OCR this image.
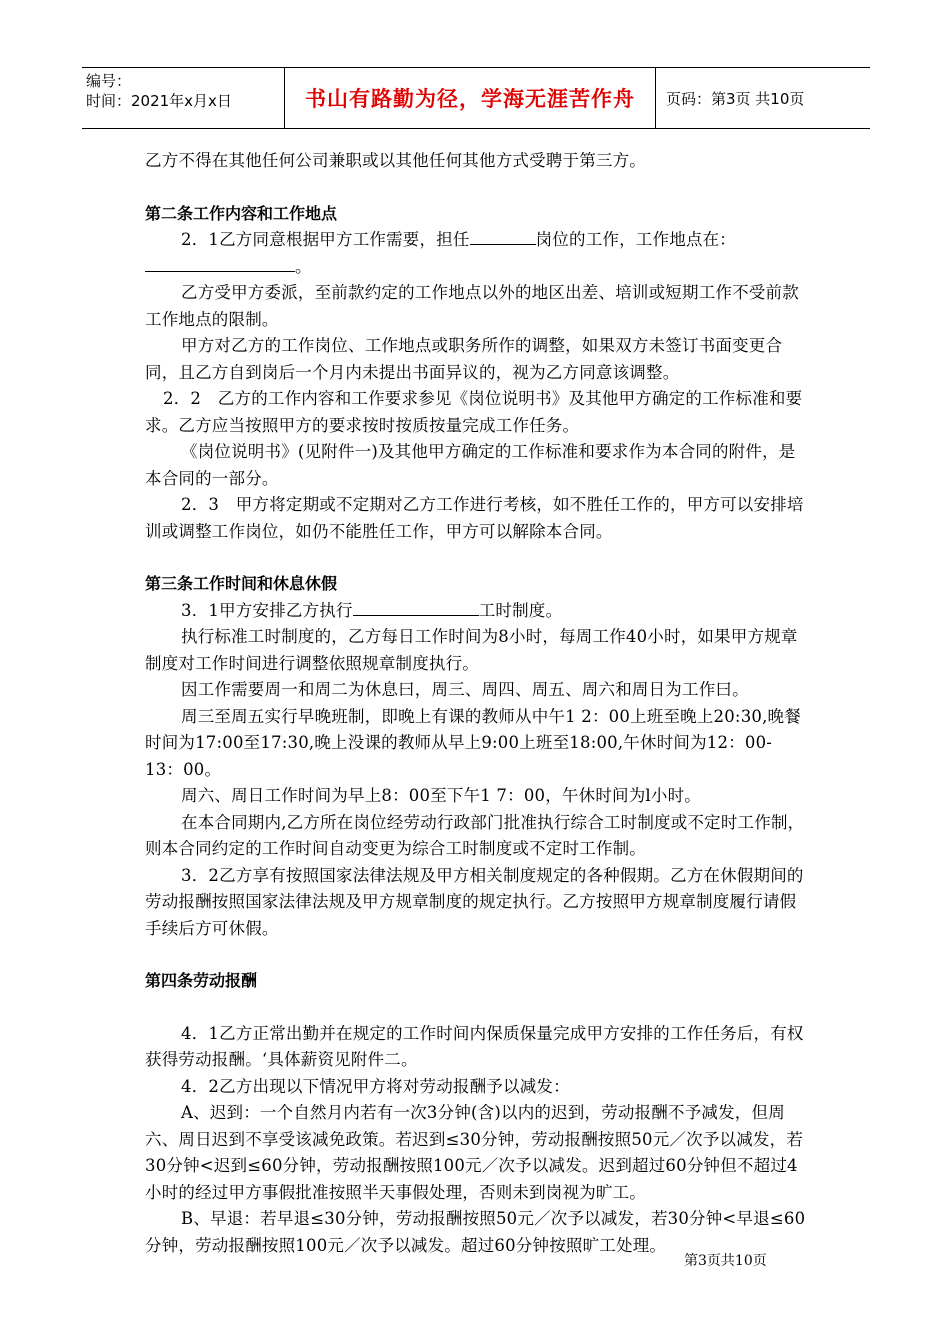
编号：
时间：2021年x月x日	书山有路勤为径，学海无涯苦作舟	页码：第3页 共10页

乙方不得在其他任何公司兼职或以其他任何其他方式受聘于第三方。

第二条工作内容和工作地点

2．1乙方同意根据甲方工作需要，担任	岗位的工作，工作地点在：
。

乙方受甲方委派，至前款约定的工作地点以外的地区出差、培训或短期工作不受前款工作地点的限制。

甲方对乙方的工作岗位、工作地点或职务所作的调整，如果双方未签订书面变更合同，且乙方自到岗后一个月内未提出书面异议的，视为乙方同意该调整。

2．2　乙方的工作内容和工作要求参见《岗位说明书》及其他甲方确定的工作标准和要求。乙方应当按照甲方的要求按时按质按量完成工作任务。

《岗位说明书》(见附件一)及其他甲方确定的工作标准和要求作为本合同的附件，是本合同的一部分。

2．3　甲方将定期或不定期对乙方工作进行考核，如不胜任工作的，甲方可以安排培训或调整工作岗位，如仍不能胜任工作，甲方可以解除本合同。

第三条工作时间和休息休假

3．1甲方安排乙方执行	工时制度。

执行标准工时制度的，乙方每日工作时间为8小时，每周工作40小时，如果甲方规章制度对工作时间进行调整依照规章制度执行。

因工作需要周一和周二为休息曰，周三、周四、周五、周六和周日为工作曰。

周三至周五实行早晚班制，即晚上有课的教师从中午1 2：00上班至晚上20:30,晚餐时间为17:00至17:30,晚上没课的教师从早上9:00上班至18:00,午休时间为12：00-13：00。

周六、周日工作时间为早上8：00至下午1 7：00，午休时间为l小时。

在本合同期内,乙方所在岗位经劳动行政部门批准执行综合工时制度或不定时工作制，则本合同约定的工作时间自动变更为综合工时制度或不定时工作制。

3．2乙方享有按照国家法律法规及甲方相关制度规定的各种假期。乙方在休假期间的劳动报酬按照国家法律法规及甲方规章制度的规定执行。乙方按照甲方规章制度履行请假手续后方可休假。

第四条劳动报酬

4．1乙方正常出勤并在规定的工作时间内保质保量完成甲方安排的工作任务后，有权获得劳动报酬。‘具体薪资见附件二。

4．2乙方出现以下情况甲方将对劳动报酬予以减发：

A、迟到：一个自然月内若有一次3分钟(含)以内的迟到，劳动报酬不予减发，但周六、周日迟到不享受该减免政策。若迟到≤30分钟，劳动报酬按照50元／次予以减发，若30分钟<迟到≤60分钟，劳动报酬按照100元／次予以减发。迟到超过60分钟但不超过4小时的经过甲方事假批准按照半天事假处理，否则未到岗视为旷工。

B、早退：若早退≤30分钟，劳动报酬按照50元／次予以减发，若30分钟<早退≤60分钟，劳动报酬按照100元／次予以减发。超过60分钟按照旷工处理。

第3页共10页
